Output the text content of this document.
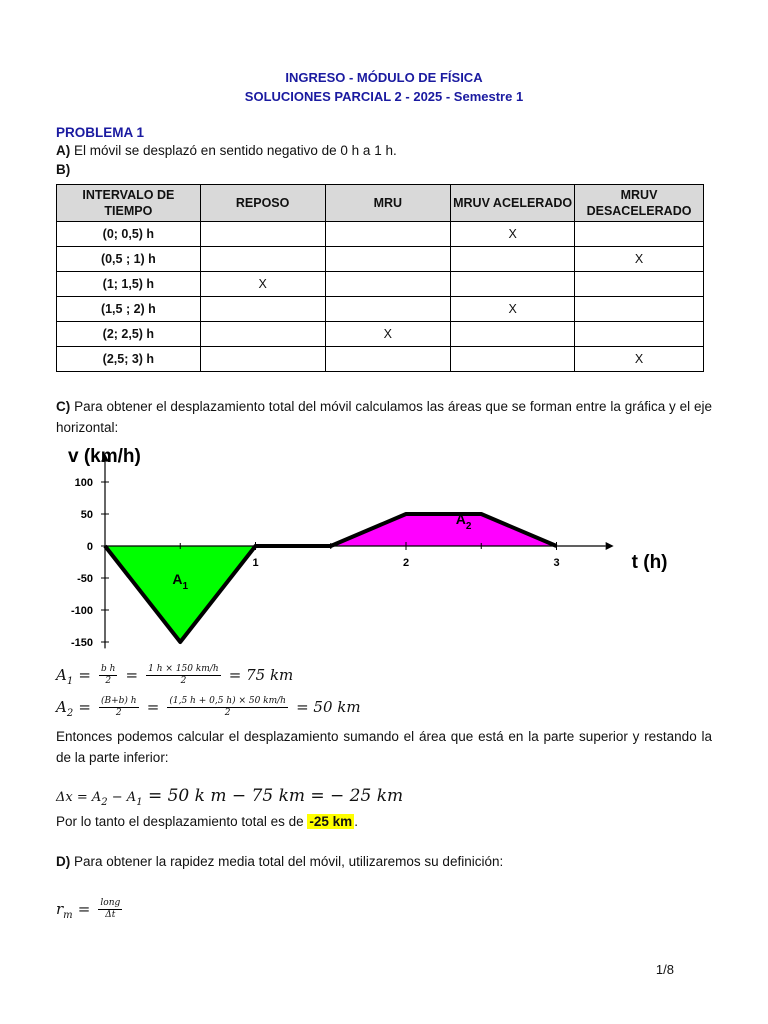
INGRESO - MÓDULO DE FÍSICA
SOLUCIONES PARCIAL 2 - 2025 - Semestre 1
PROBLEMA 1
A) El móvil se desplazó en sentido negativo de 0 h a 1 h.
B)
INTERVALO DE TIEMPO	REPOSO	MRU	MRUV ACELERADO	MRUV DESACELERADO
(0; 0,5) h			X	
(0,5 ; 1) h				X
(1; 1,5) h	X			
(1,5 ; 2) h			X	
(2; 2,5) h		X		
(2,5; 3) h				X
C) Para obtener el desplazamiento total del móvil calculamos las áreas que se forman entre la gráfica y el eje horizontal:
100
50
0
-50
-100
-150
1	2	3
$A_1$
$A_2$
v (km/h)
t (h)
$A_1 = \frac{\text{b h}}{2} = \frac{1 h \times 150 km/h}{2} = 75$ km
$A_2 = \frac{(B+b) h}{2} = \frac{(1,5 h + 0,5 h) \times 50 km/h}{2} = 50$ km
Entonces podemos calcular el desplazamiento sumando el área que está en la parte superior y restando la de la parte inferior:
$\Delta x = A_2 - A_1 = 50$ k m − 75 km = − 25 km
Por lo tanto el desplazamiento total es de -25 km .
D) Para obtener la rapidez media total del móvil, utilizaremos su definición:
$r_m = \frac{\text{long}}{\Delta t}$
1/8
